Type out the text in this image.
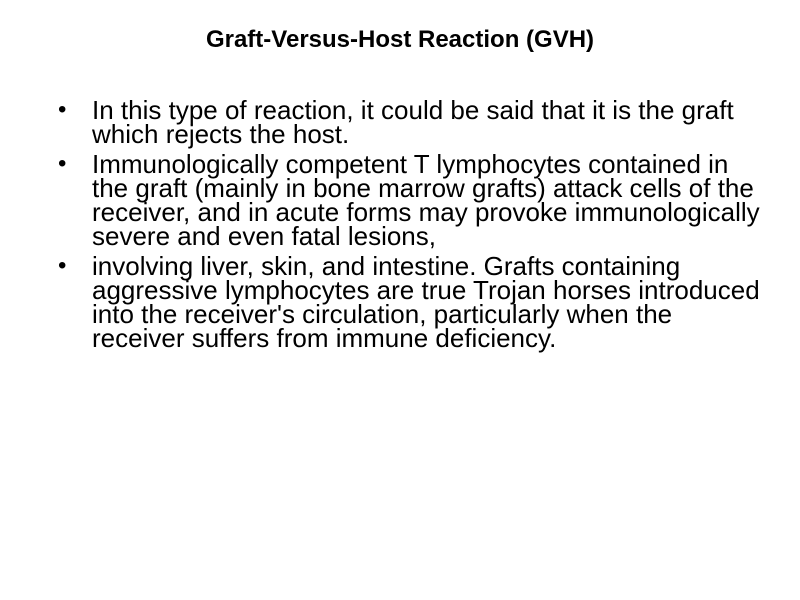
Graft-Versus-Host Reaction (GVH)
• In this type of reaction, it could be said that it is the graft which rejects the host.
• Immunologically competent T lymphocytes contained in the graft (mainly in bone marrow grafts) attack cells of the receiver, and in acute forms may provoke immunologically severe and even fatal lesions,
• involving liver, skin, and intestine. Grafts containing aggressive lymphocytes are true Trojan horses introduced into the receiver's circulation, particularly when the receiver suffers from immune deficiency.
